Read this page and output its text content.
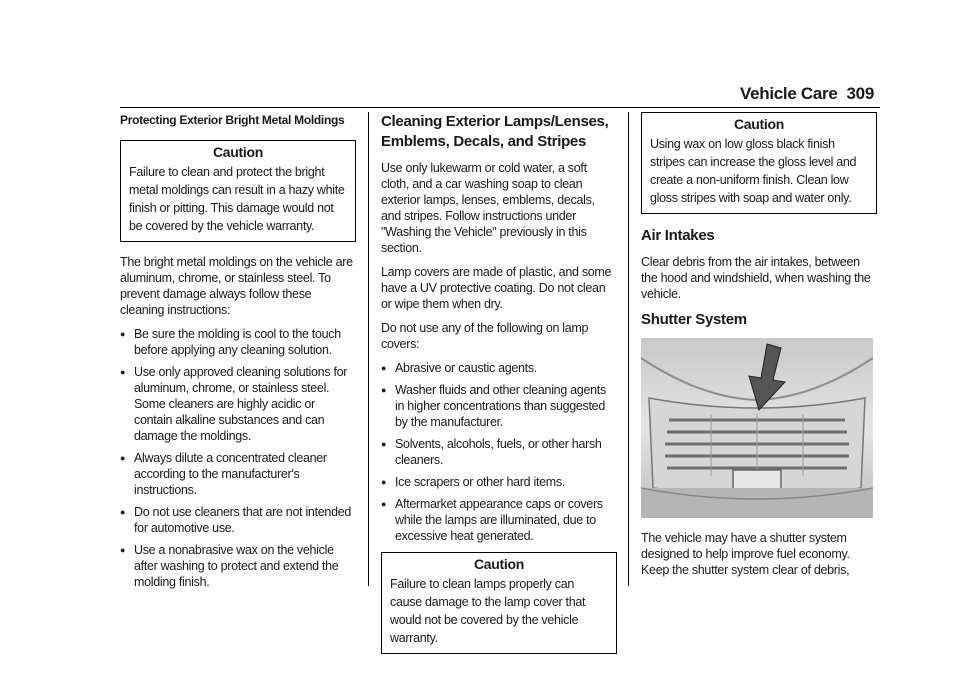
Vehicle Care 309
Protecting Exterior Bright Metal Moldings
Caution
Failure to clean and protect the bright metal moldings can result in a hazy white finish or pitting. This damage would not be covered by the vehicle warranty.

The bright metal moldings on the vehicle are aluminum, chrome, or stainless steel. To prevent damage always follow these cleaning instructions:

● Be sure the molding is cool to the touch before applying any cleaning solution.
● Use only approved cleaning solutions for aluminum, chrome, or stainless steel. Some cleaners are highly acidic or contain alkaline substances and can damage the moldings.
● Always dilute a concentrated cleaner according to the manufacturer's instructions.
● Do not use cleaners that are not intended for automotive use.
● Use a nonabrasive wax on the vehicle after washing to protect and extend the molding finish.
Cleaning Exterior Lamps/Lenses, Emblems, Decals, and Stripes

Use only lukewarm or cold water, a soft cloth, and a car washing soap to clean exterior lamps, lenses, emblems, decals, and stripes. Follow instructions under "Washing the Vehicle" previously in this section.

Lamp covers are made of plastic, and some have a UV protective coating. Do not clean or wipe them when dry.

Do not use any of the following on lamp covers:

● Abrasive or caustic agents.
● Washer fluids and other cleaning agents in higher concentrations than suggested by the manufacturer.
● Solvents, alcohols, fuels, or other harsh cleaners.
● Ice scrapers or other hard items.
● Aftermarket appearance caps or covers while the lamps are illuminated, due to excessive heat generated.
Caution
Failure to clean lamps properly can cause damage to the lamp cover that would not be covered by the vehicle warranty.
Caution
Using wax on low gloss black finish stripes can increase the gloss level and create a non-uniform finish. Clean low gloss stripes with soap and water only.
Air Intakes

Clear debris from the air intakes, between the hood and windshield, when washing the vehicle.

Shutter System

The vehicle may have a shutter system designed to help improve fuel economy. Keep the shutter system clear of debris,
